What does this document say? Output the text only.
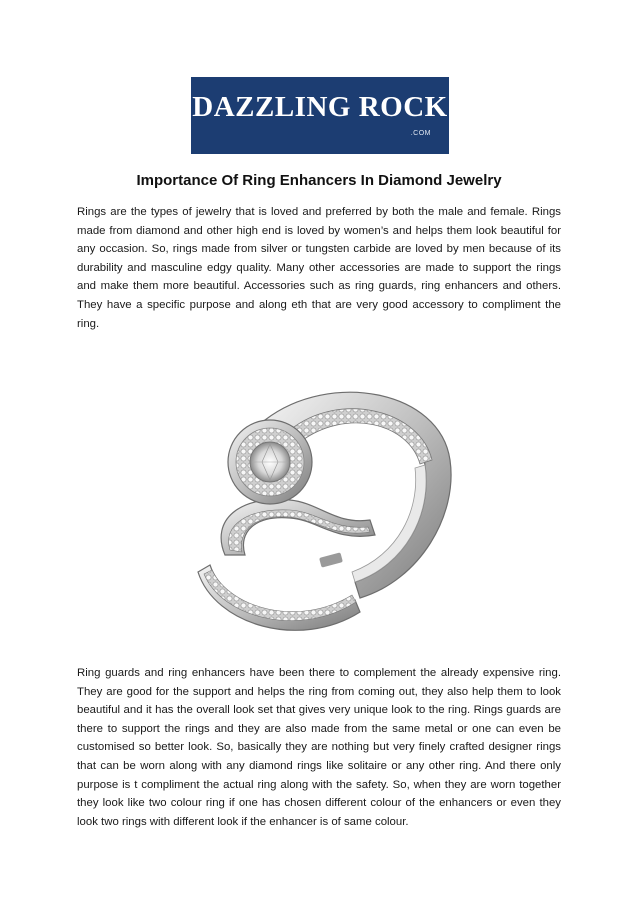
DAZZLING ROCK
.COM
Importance Of Ring Enhancers In Diamond Jewelry

Rings are the types of jewelry that is loved and preferred by both the male and female. Rings made from diamond and other high end is loved by women’s and helps them look beautiful for any occasion. So, rings made from silver or tungsten carbide are loved by men because of its durability and masculine edgy quality. Many other accessories are made to support the rings and make them more beautiful. Accessories such as ring guards, ring enhancers and others. They have a specific purpose and along eth that are very good accessory to compliment the ring.

Ring guards and ring enhancers have been there to complement the already expensive ring. They are good for the support and helps the ring from coming out, they also help them to look beautiful and it has the overall look set that gives very unique look to the ring. Rings guards are there to support the rings and they are also made from the same metal or one can even be customised so better look. So, basically they are nothing but very finely crafted designer rings that can be worn along with any diamond rings like solitaire or any other ring. And there only purpose is t compliment the actual ring along with the safety. So, when they are worn together they look like two colour ring if one has chosen different colour of the enhancers or even they look two rings with different look if the enhancer is of same colour.
